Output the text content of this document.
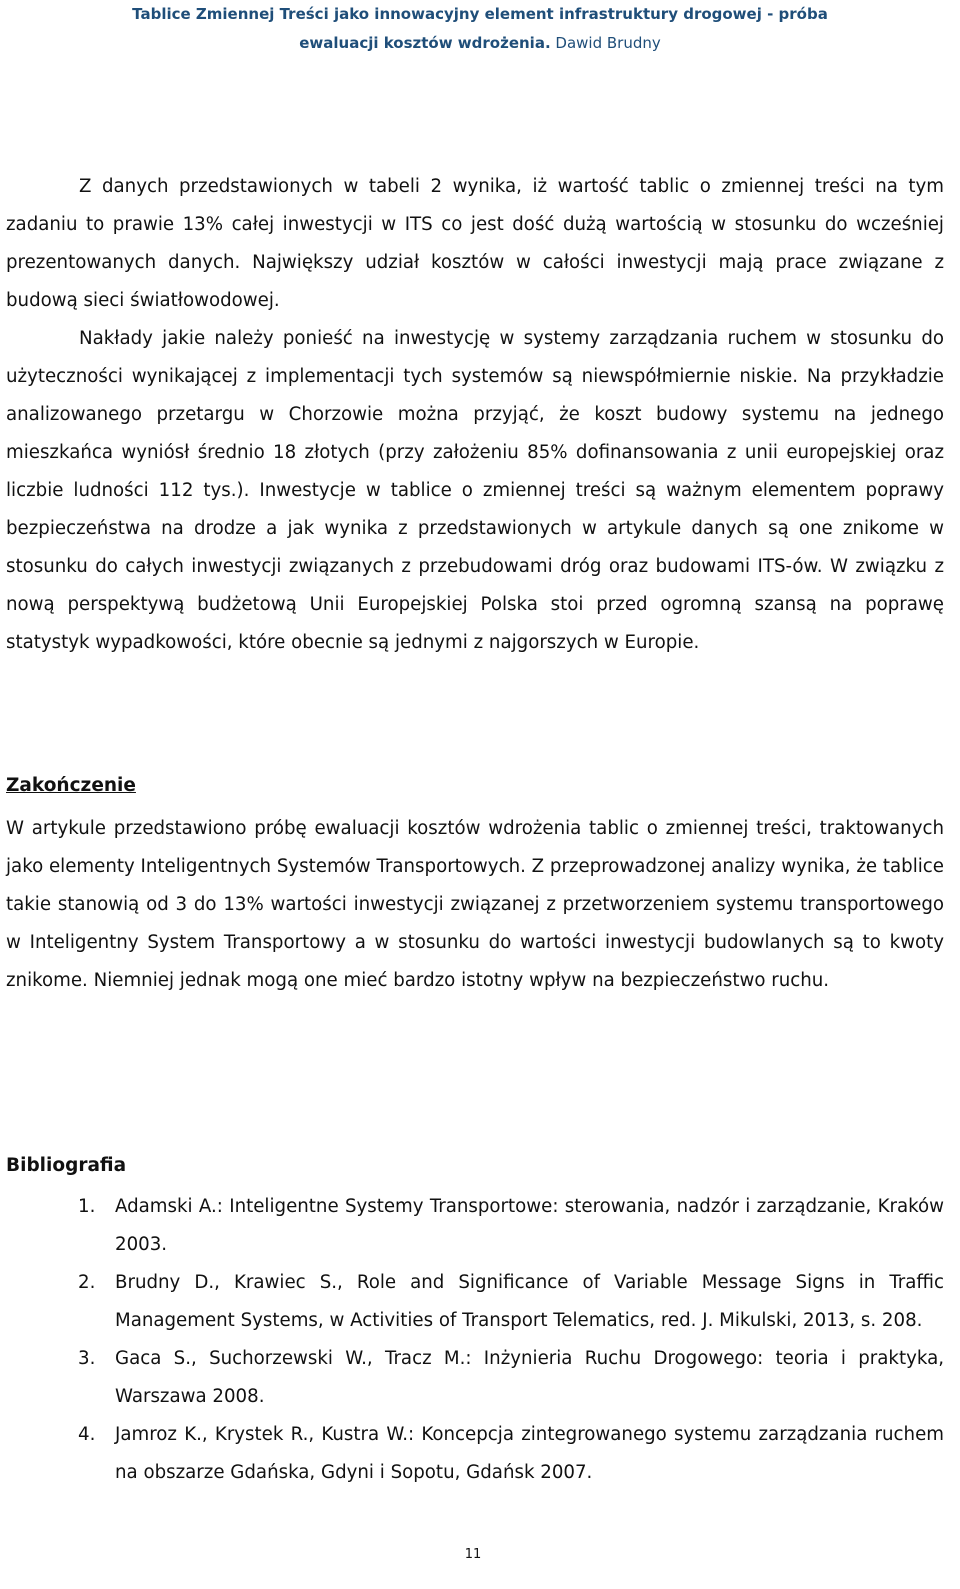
Tablice Zmiennej Treści jako innowacyjny element infrastruktury drogowej - próba
ewaluacji kosztów wdrożenia. Dawid Brudny

Z danych przedstawionych w tabeli 2 wynika, iż wartość tablic o zmiennej treści na tym zadaniu to prawie 13% całej inwestycji w ITS co jest dość dużą wartością w stosunku do wcześniej prezentowanych danych. Największy udział kosztów w całości inwestycji mają prace związane z budową sieci światłowodowej.

Nakłady jakie należy ponieść na inwestycję w systemy zarządzania ruchem w stosunku do użyteczności wynikającej z implementacji tych systemów są niewspółmiernie niskie. Na przykładzie analizowanego przetargu w Chorzowie można przyjąć, że koszt budowy systemu na jednego mieszkańca wyniósł średnio 18 złotych (przy założeniu 85% dofinansowania z unii europejskiej oraz liczbie ludności 112 tys.). Inwestycje w tablice o zmiennej treści są ważnym elementem poprawy bezpieczeństwa na drodze a jak wynika z przedstawionych w artykule danych są one znikome w stosunku do całych inwestycji związanych z przebudowami dróg oraz budowami ITS-ów. W związku z nową perspektywą budżetową Unii Europejskiej Polska stoi przed ogromną szansą na poprawę statystyk wypadkowości, które obecnie są jednymi z najgorszych w Europie.

Zakończenie

W artykule przedstawiono próbę ewaluacji kosztów wdrożenia tablic o zmiennej treści, traktowanych jako elementy Inteligentnych Systemów Transportowych. Z przeprowadzonej analizy wynika, że tablice takie stanowią od 3 do 13% wartości inwestycji związanej z przetworzeniem systemu transportowego w Inteligentny System Transportowy a w stosunku do wartości inwestycji budowlanych są to kwoty znikome. Niemniej jednak mogą one mieć bardzo istotny wpływ na bezpieczeństwo ruchu.

Bibliografia
1. Adamski A.: Inteligentne Systemy Transportowe: sterowania, nadzór i zarządzanie, Kraków 2003.
2. Brudny D., Krawiec S., Role and Significance of Variable Message Signs in Traffic Management Systems, w Activities of Transport Telematics, red. J. Mikulski, 2013, s. 208.
3. Gaca S., Suchorzewski W., Tracz M.: Inżynieria Ruchu Drogowego: teoria i praktyka, Warszawa 2008.
4. Jamroz K., Krystek R., Kustra W.: Koncepcja zintegrowanego systemu zarządzania ruchem na obszarze Gdańska, Gdyni i Sopotu, Gdańsk 2007.
11
